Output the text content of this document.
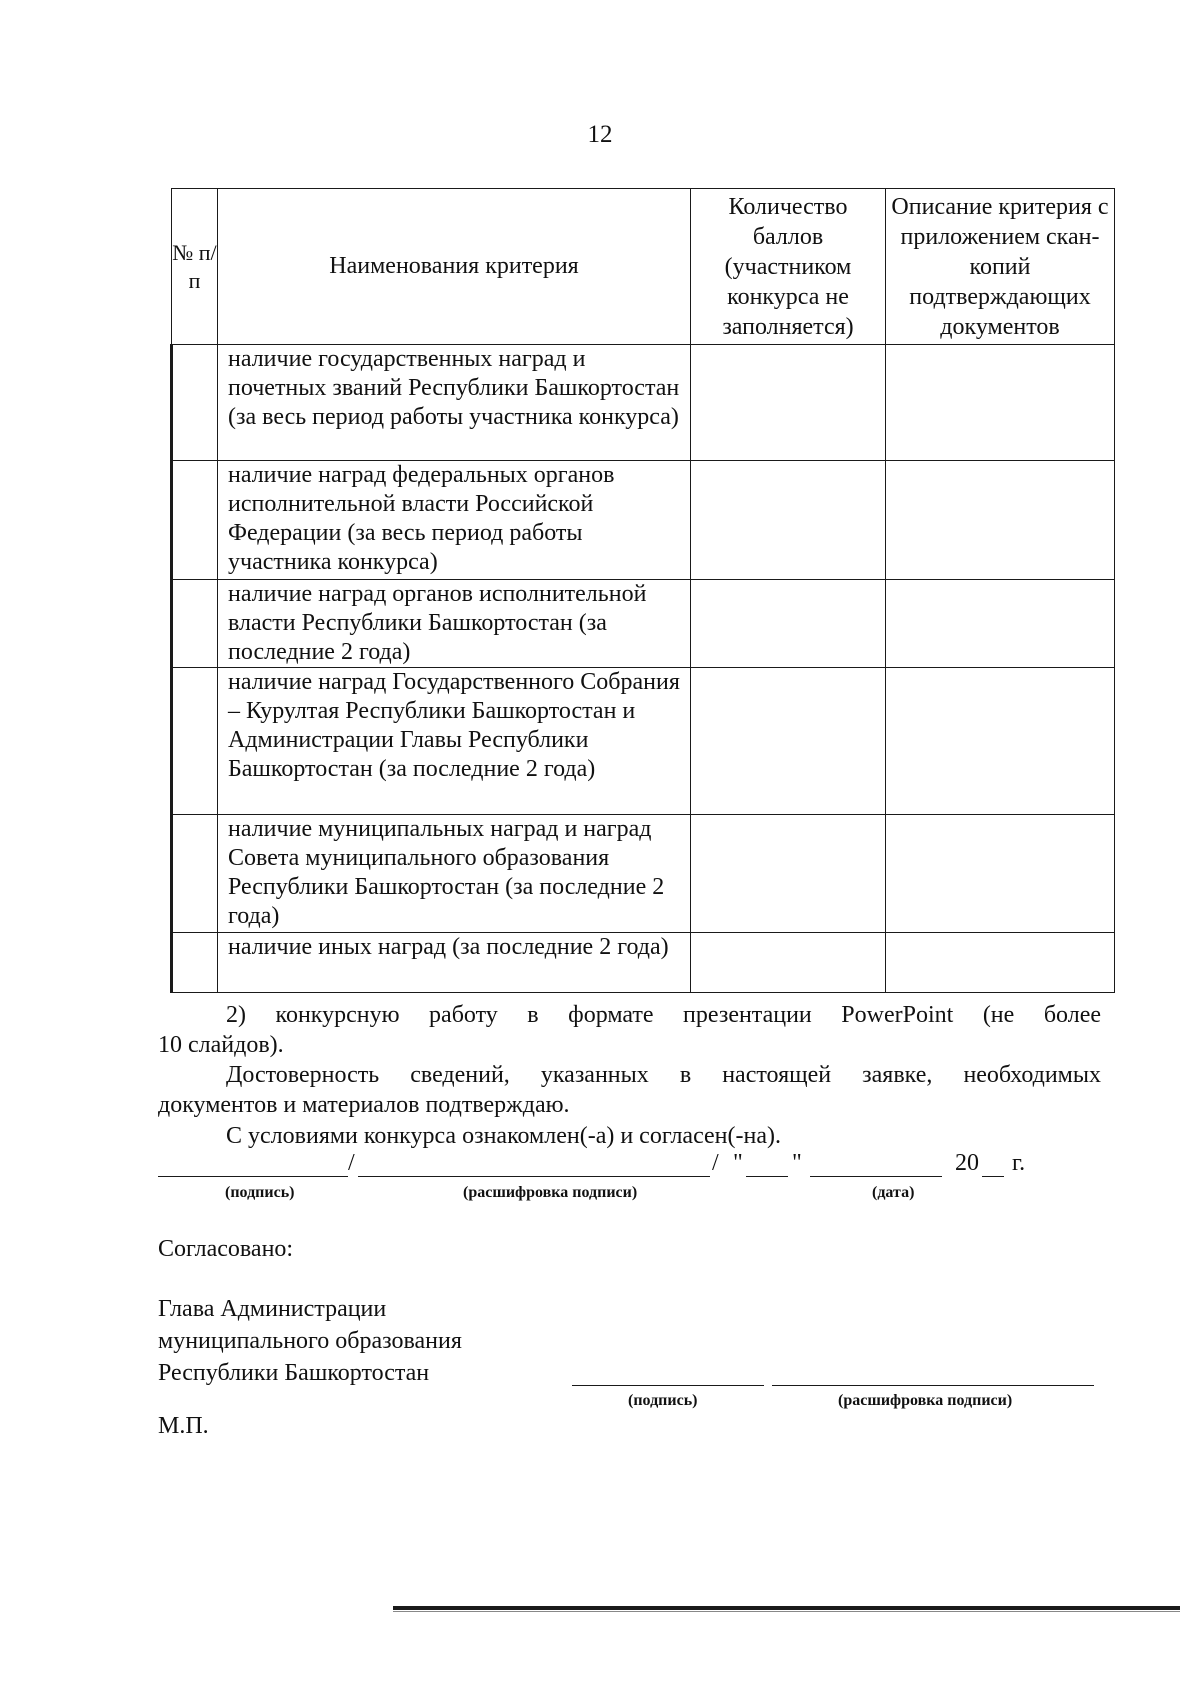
12
№ п/п	Наименования критерия	Количество баллов (участником конкурса не заполняется)	Описание критерия с приложением скан-копий подтверждающих документов
	наличие государственных наград и почетных званий Республики Башкортостан (за весь период работы участника конкурса)		
	наличие наград федеральных органов исполнительной власти Российской Федерации (за весь период работы участника конкурса)		
	наличие наград органов исполнительной власти Республики Башкортостан (за последние 2 года)		
	наличие наград Государственного Собрания – Курултая Республики Башкортостан и Администрации Главы Республики Башкортостан (за последние 2 года)		
	наличие муниципальных наград и наград Совета муниципального образования Республики Башкортостан (за последние 2 года)		
	наличие иных наград (за последние 2 года)		
2) конкурсную работу в формате презентации PowerPoint (не более
10 слайдов).
Достоверность сведений, указанных в настоящей заявке, необходимых
документов и материалов подтверждаю.
С условиями конкурса ознакомлен(-а) и согласен(-на).
/	/ " "	20 г.
(подпись)	(расшифровка подписи)	(дата)
Согласовано:
Глава Администрации
муниципального образования
Республики Башкортостан
(подпись)	(расшифровка подписи)
М.П.
